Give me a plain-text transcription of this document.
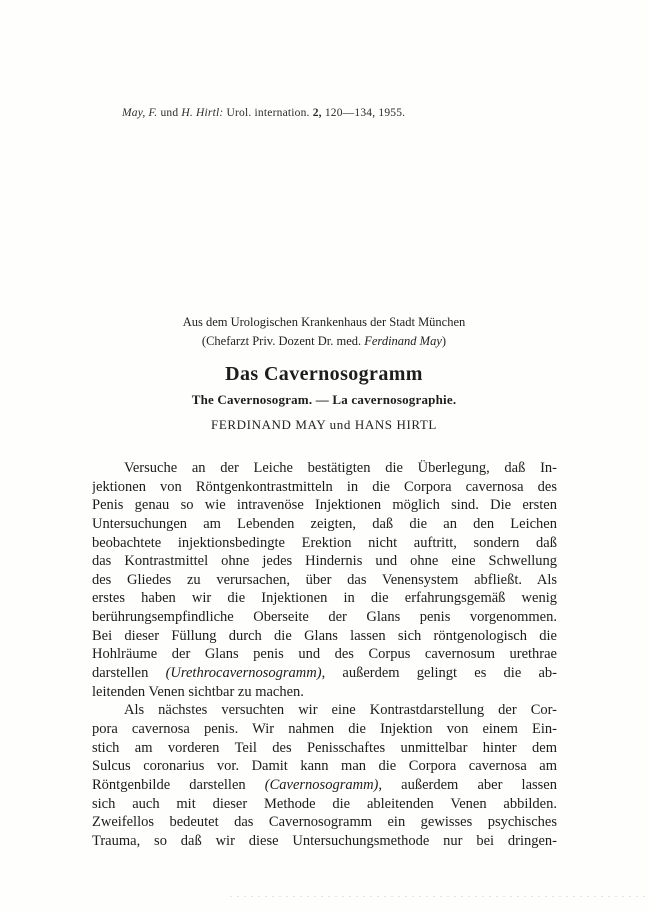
May, F. und H. Hirtl: Urol. internation. 2, 120—134, 1955.
Aus dem Urologischen Krankenhaus der Stadt München
(Chefarzt Priv. Dozent Dr. med. Ferdinand May)
Das Cavernosogramm
The Cavernosogram. — La cavernosographie.
FERDINAND MAY und HANS HIRTL
Versuche an der Leiche bestätigten die Überlegung, daß In-
jektionen von Röntgenkontrastmitteln in die Corpora cavernosa des
Penis genau so wie intravenöse Injektionen möglich sind. Die ersten
Untersuchungen am Lebenden zeigten, daß die an den Leichen
beobachtete injektionsbedingte Erektion nicht auftritt, sondern daß
das Kontrastmittel ohne jedes Hindernis und ohne eine Schwellung
des Gliedes zu verursachen, über das Venensystem abfließt. Als
erstes haben wir die Injektionen in die erfahrungsgemäß wenig
berührungsempfindliche Oberseite der Glans penis vorgenommen.
Bei dieser Füllung durch die Glans lassen sich röntgenologisch die
Hohlräume der Glans penis und des Corpus cavernosum urethrae
darstellen (Urethrocavernosogramm), außerdem gelingt es die ab-
leitenden Venen sichtbar zu machen.
Als nächstes versuchten wir eine Kontrastdarstellung der Cor-
pora cavernosa penis. Wir nahmen die Injektion von einem Ein-
stich am vorderen Teil des Penisschaftes unmittelbar hinter dem
Sulcus coronarius vor. Damit kann man die Corpora cavernosa am
Röntgenbilde darstellen (Cavernosogramm), außerdem aber lassen
sich auch mit dieser Methode die ableitenden Venen abbilden.
Zweifellos bedeutet das Cavernosogramm ein gewisses psychisches
Trauma, so daß wir diese Untersuchungsmethode nur bei dringen-
